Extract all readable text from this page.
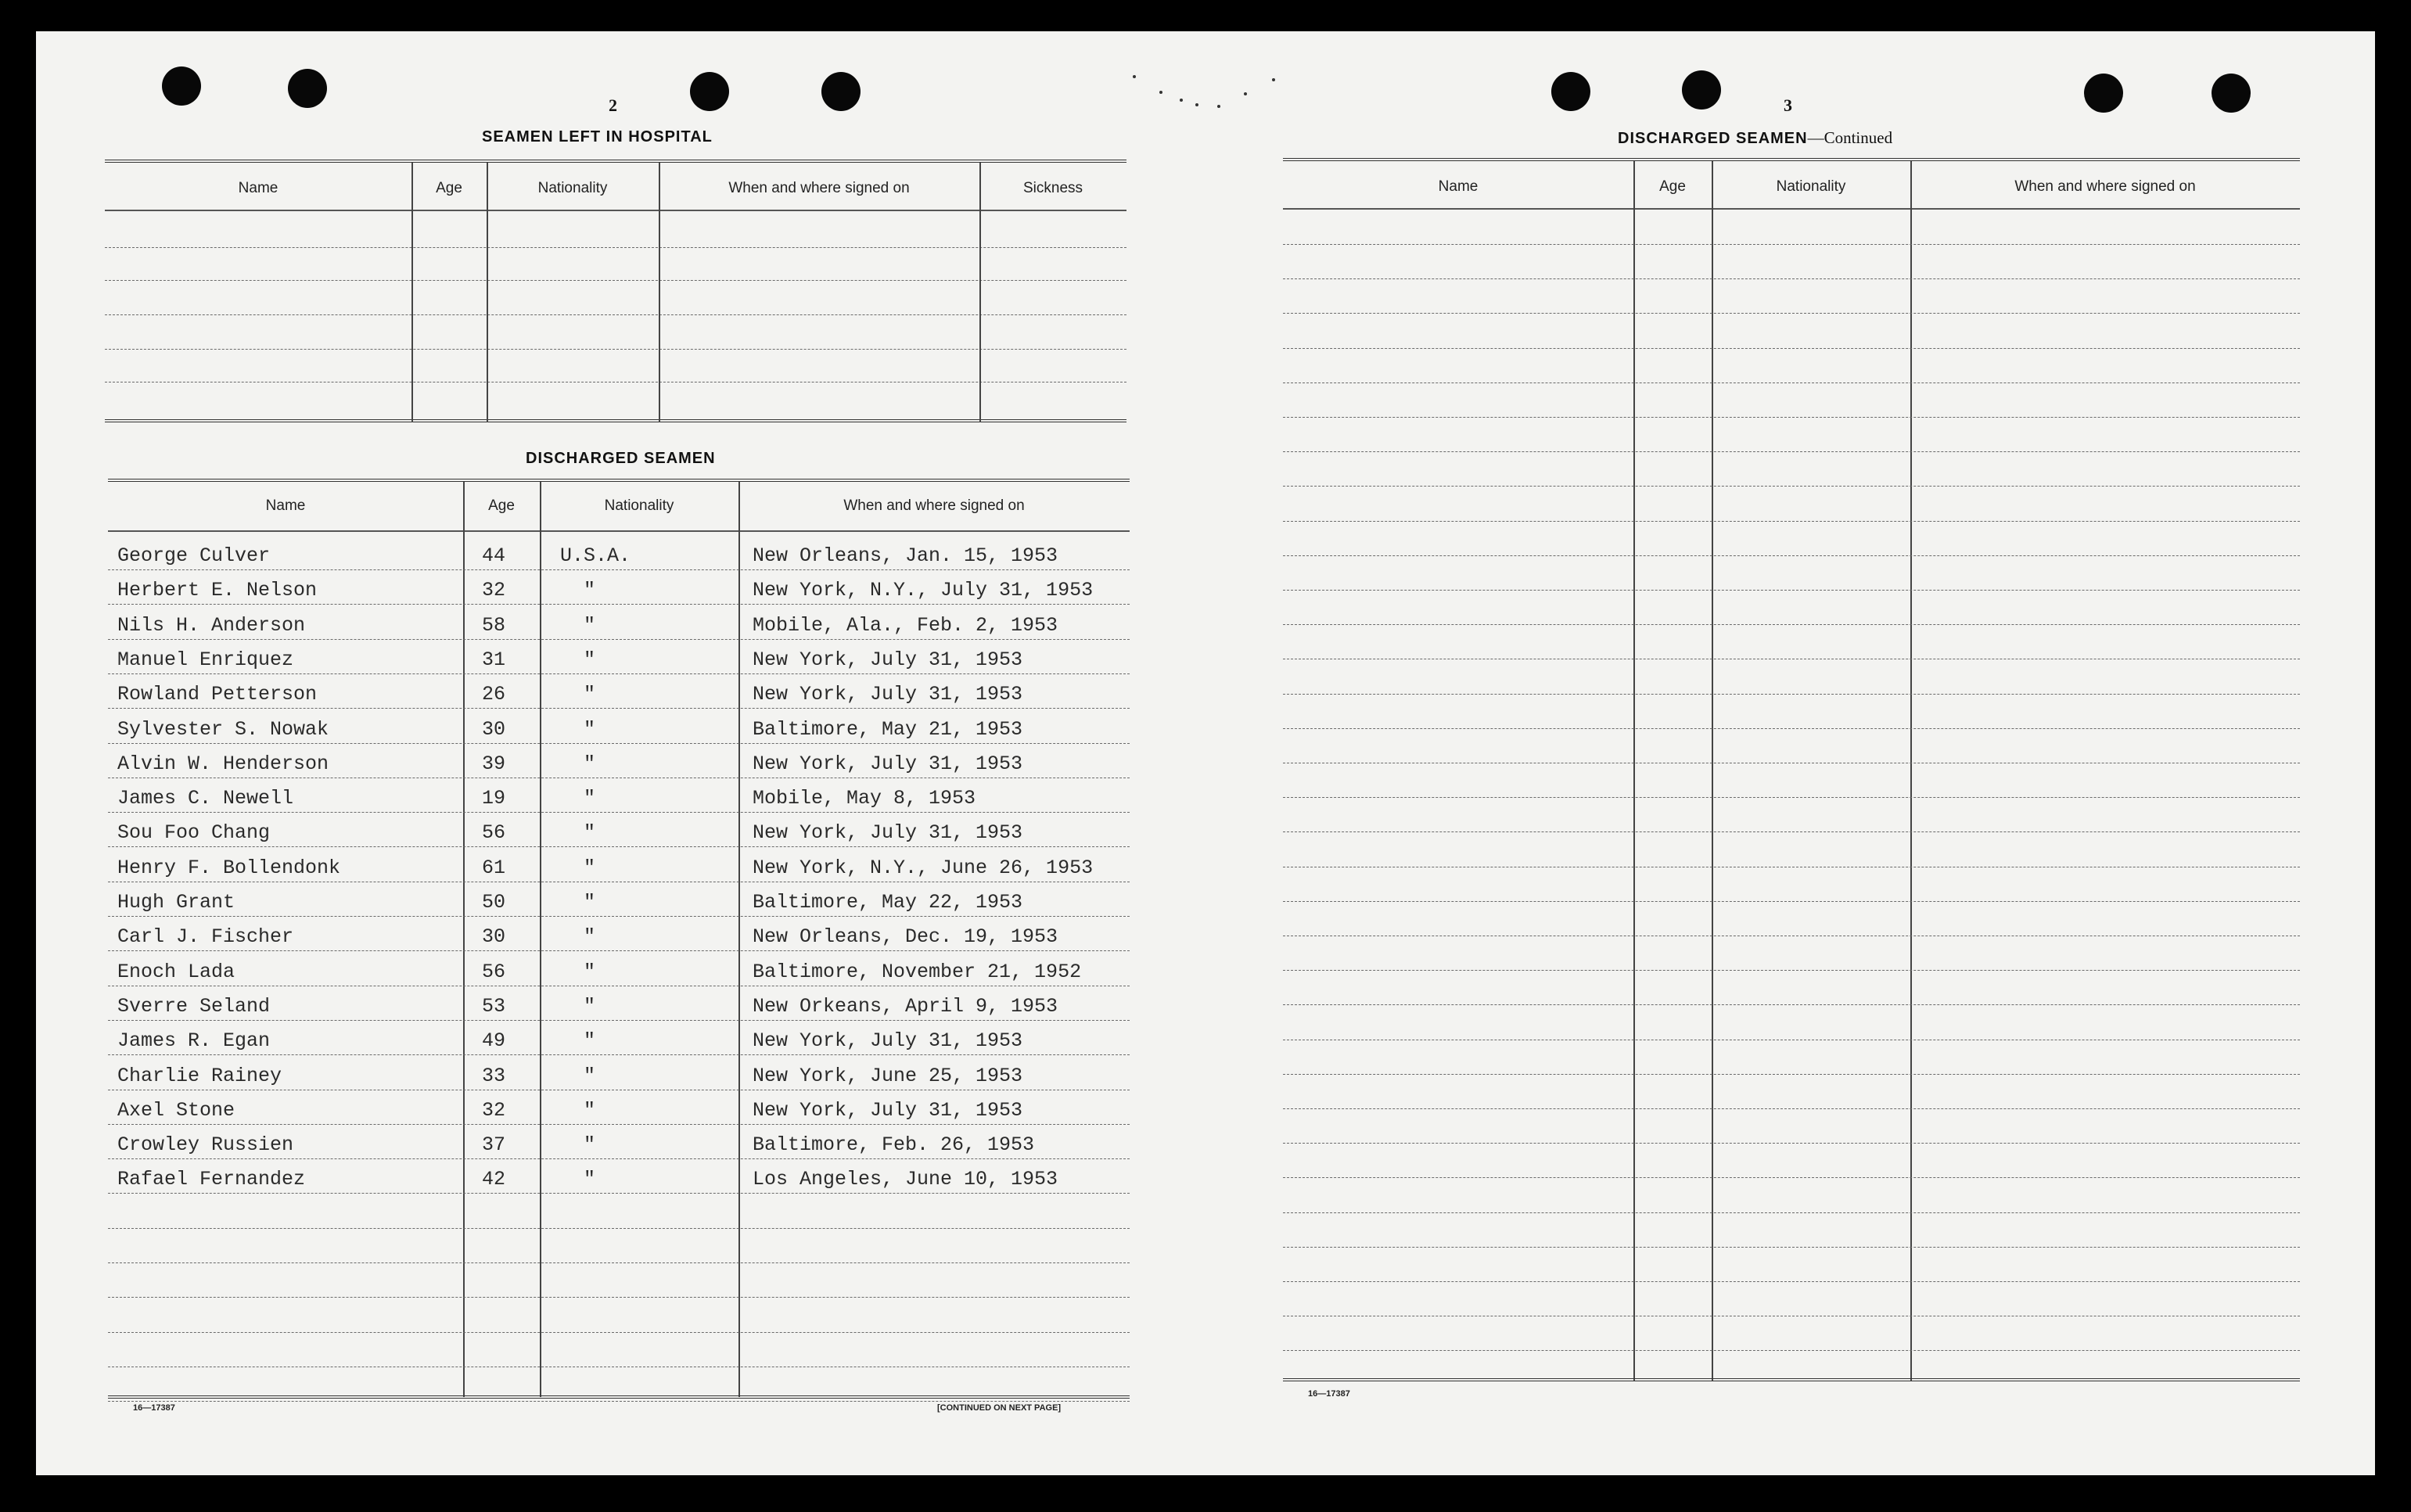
2
SEAMEN LEFT IN HOSPITAL
Name	Age	Nationality	When and where signed on	Sickness
DISCHARGED SEAMEN
Name	Age	Nationality	When and where signed on
George Culver	44	U.S.A.	New Orleans, Jan. 15, 1953
Herbert E. Nelson	32	"	New York, N.Y., July 31, 1953
Nils H. Anderson	58	"	Mobile, Ala., Feb. 2, 1953
Manuel Enriquez	31	"	New York, July 31, 1953
Rowland Petterson	26	"	New York, July 31, 1953
Sylvester S. Nowak	30	"	Baltimore, May 21, 1953
Alvin W. Henderson	39	"	New York, July 31, 1953
James C. Newell	19	"	Mobile, May 8, 1953
Sou Foo Chang	56	"	New York, July 31, 1953
Henry F. Bollendonk	61	"	New York, N.Y., June 26, 1953
Hugh Grant	50	"	Baltimore, May 22, 1953
Carl J. Fischer	30	"	New Orleans, Dec. 19, 1953
Enoch Lada	56	"	Baltimore, November 21, 1952
Sverre Seland	53	"	New Orkeans, April 9, 1953
James R. Egan	49	"	New York, July 31, 1953
Charlie Rainey	33	"	New York, June 25, 1953
Axel Stone	32	"	New York, July 31, 1953
Crowley Russien	37	"	Baltimore, Feb. 26, 1953
Rafael Fernandez	42	"	Los Angeles, June 10, 1953
16—17387	[CONTINUED ON NEXT PAGE]
3
DISCHARGED SEAMEN—Continued
Name	Age	Nationality	When and where signed on
16—17387
